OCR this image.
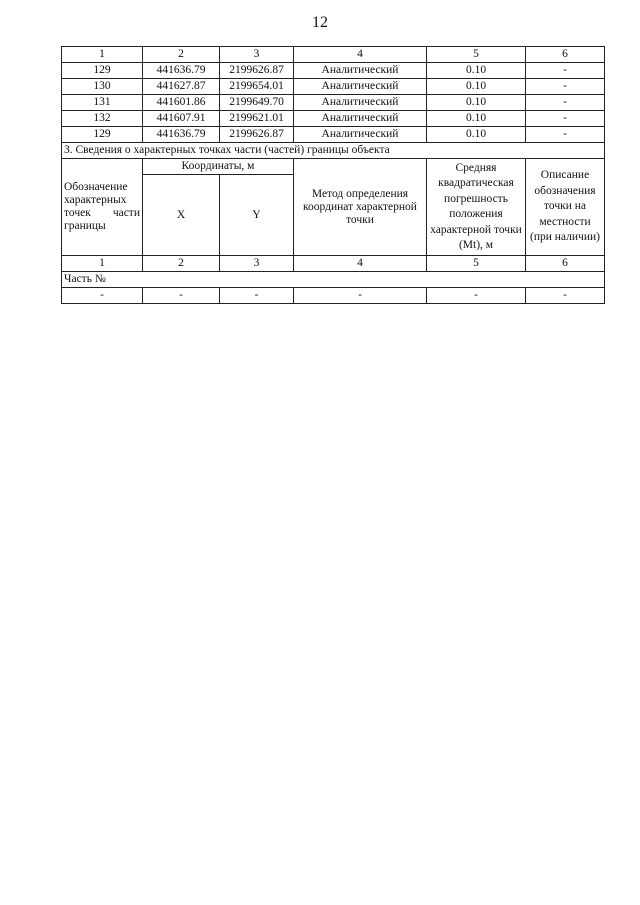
12
1	2	3	4	5	6
129	441636.79	2199626.87	Аналитический	0.10	-
130	441627.87	2199654.01	Аналитический	0.10	-
131	441601.86	2199649.70	Аналитический	0.10	-
132	441607.91	2199621.01	Аналитический	0.10	-
129	441636.79	2199626.87	Аналитический	0.10	-
3. Сведения о характерных точках части (частей) границы объекта					
Обозначение характерных точек части границы	Координаты, м		Метод определения координат характерной точки	Средняя квадратическая погрешность положения характерной точки (Mt), м	Описание обозначения точки на местности (при наличии)
	X	Y			
1	2	3	4	5	6
Часть №					
-	-	-	-	-	-
